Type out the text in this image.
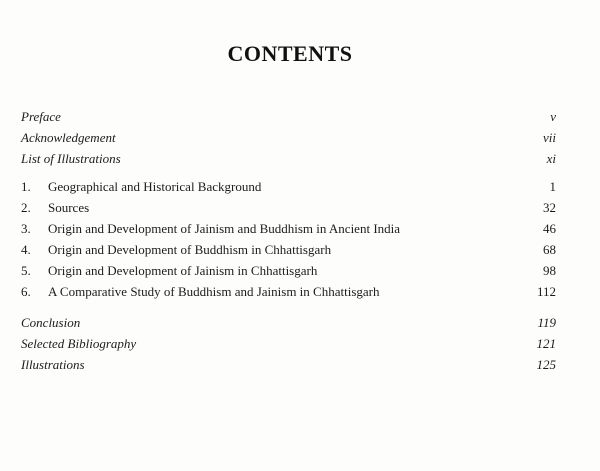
CONTENTS
Preface	v
Acknowledgement	vii
List of Illustrations	xi
1.	Geographical and Historical Background	1
2.	Sources	32
3.	Origin and Development of Jainism and Buddhism in Ancient India	46
4.	Origin and Development of Buddhism in Chhattisgarh	68
5.	Origin and Development of Jainism in Chhattisgarh	98
6.	A Comparative Study of Buddhism and Jainism in Chhattisgarh	112
Conclusion	119
Selected Bibliography	121
Illustrations	125
